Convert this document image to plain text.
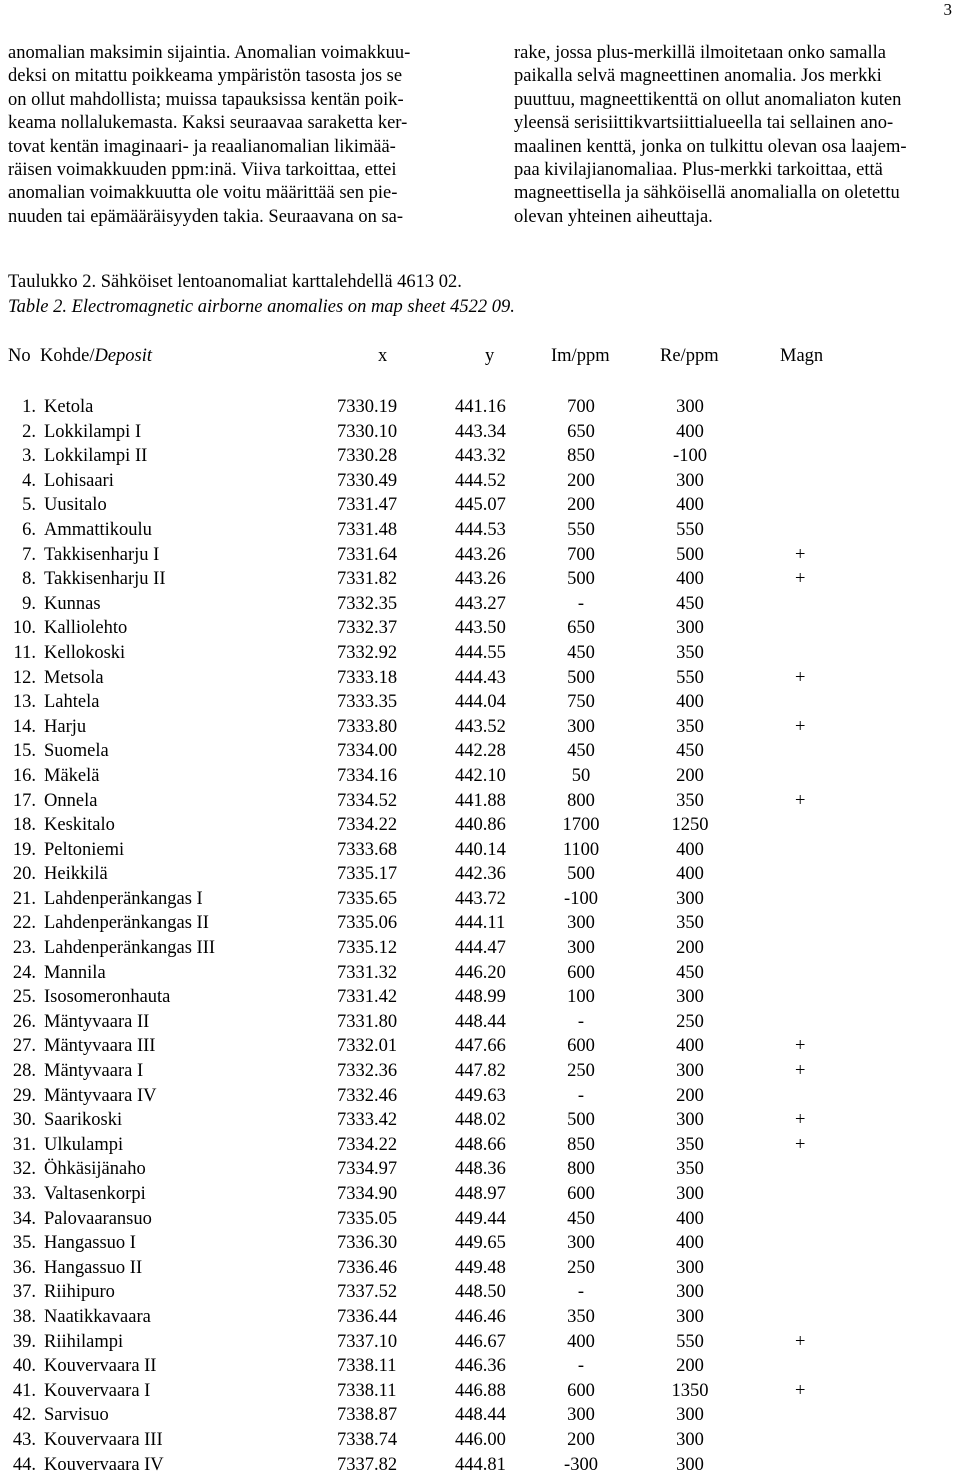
3
anomalian maksimin sijaintia. Anomalian voimakkuu-
deksi on mitattu poikkeama ympäristön tasosta jos se
on ollut mahdollista; muissa tapauksissa kentän poik-
keama nollalukemasta. Kaksi seuraavaa saraketta ker-
tovat kentän imaginaari- ja reaalianomalian likimää-
räisen voimakkuuden ppm:inä. Viiva tarkoittaa, ettei
anomalian voimakkuutta ole voitu määrittää sen pie-
nuuden tai epämääräisyyden takia. Seuraavana on sa-
rake, jossa plus-merkillä ilmoitetaan onko samalla
paikalla selvä magneettinen anomalia. Jos merkki
puuttuu, magneettikenttä on ollut anomaliaton kuten
yleensä serisiittikvartsiittialueella tai sellainen ano-
maalinen kenttä, jonka on tulkittu olevan osa laajem-
paa kivilajianomaliaa. Plus-merkki tarkoittaa, että
magneettisella ja sähköisellä anomalialla on oletettu
olevan yhteinen aiheuttaja.
Taulukko 2. Sähköiset lentoanomaliat karttalehdellä 4613 02.
Table 2. Electromagnetic airborne anomalies on map sheet 4522 09.
No Kohde/Deposit	x	y	Im/ppm	Re/ppm	Magn
1. Ketola	7330.19	441.16	700	300
2. Lokkilampi I	7330.10	443.34	650	400
3. Lokkilampi II	7330.28	443.32	850	-100
4. Lohisaari	7330.49	444.52	200	300
5. Uusitalo	7331.47	445.07	200	400
6. Ammattikoulu	7331.48	444.53	550	550
7. Takkisenharju I	7331.64	443.26	700	500	+
8. Takkisenharju II	7331.82	443.26	500	400	+
9. Kunnas	7332.35	443.27	-	450
10. Kalliolehto	7332.37	443.50	650	300
11. Kellokoski	7332.92	444.55	450	350
12. Metsola	7333.18	444.43	500	550	+
13. Lahtela	7333.35	444.04	750	400
14. Harju	7333.80	443.52	300	350	+
15. Suomela	7334.00	442.28	450	450
16. Mäkelä	7334.16	442.10	50	200
17. Onnela	7334.52	441.88	800	350	+
18. Keskitalo	7334.22	440.86	1700	1250
19. Peltoniemi	7333.68	440.14	1100	400
20. Heikkilä	7335.17	442.36	500	400
21. Lahdenperänkangas I	7335.65	443.72	-100	300
22. Lahdenperänkangas II	7335.06	444.11	300	350
23. Lahdenperänkangas III	7335.12	444.47	300	200
24. Mannila	7331.32	446.20	600	450
25. Isosomeronhauta	7331.42	448.99	100	300
26. Mäntyvaara II	7331.80	448.44	-	250
27. Mäntyvaara III	7332.01	447.66	600	400	+
28. Mäntyvaara I	7332.36	447.82	250	300	+
29. Mäntyvaara IV	7332.46	449.63	-	200
30. Saarikoski	7333.42	448.02	500	300	+
31. Ulkulampi	7334.22	448.66	850	350	+
32. Öhkäsijänaho	7334.97	448.36	800	350
33. Valtasenkorpi	7334.90	448.97	600	300
34. Palovaaransuo	7335.05	449.44	450	400
35. Hangassuo I	7336.30	449.65	300	400
36. Hangassuo II	7336.46	449.48	250	300
37. Riihipuro	7337.52	448.50	-	300
38. Naatikkavaara	7336.44	446.46	350	300
39. Riihilampi	7337.10	446.67	400	550	+
40. Kouvervaara II	7338.11	446.36	-	200
41. Kouvervaara I	7338.11	446.88	600	1350	+
42. Sarvisuo	7338.87	448.44	300	300
43. Kouvervaara III	7338.74	446.00	200	300
44. Kouvervaara IV	7337.82	444.81	-300	300
